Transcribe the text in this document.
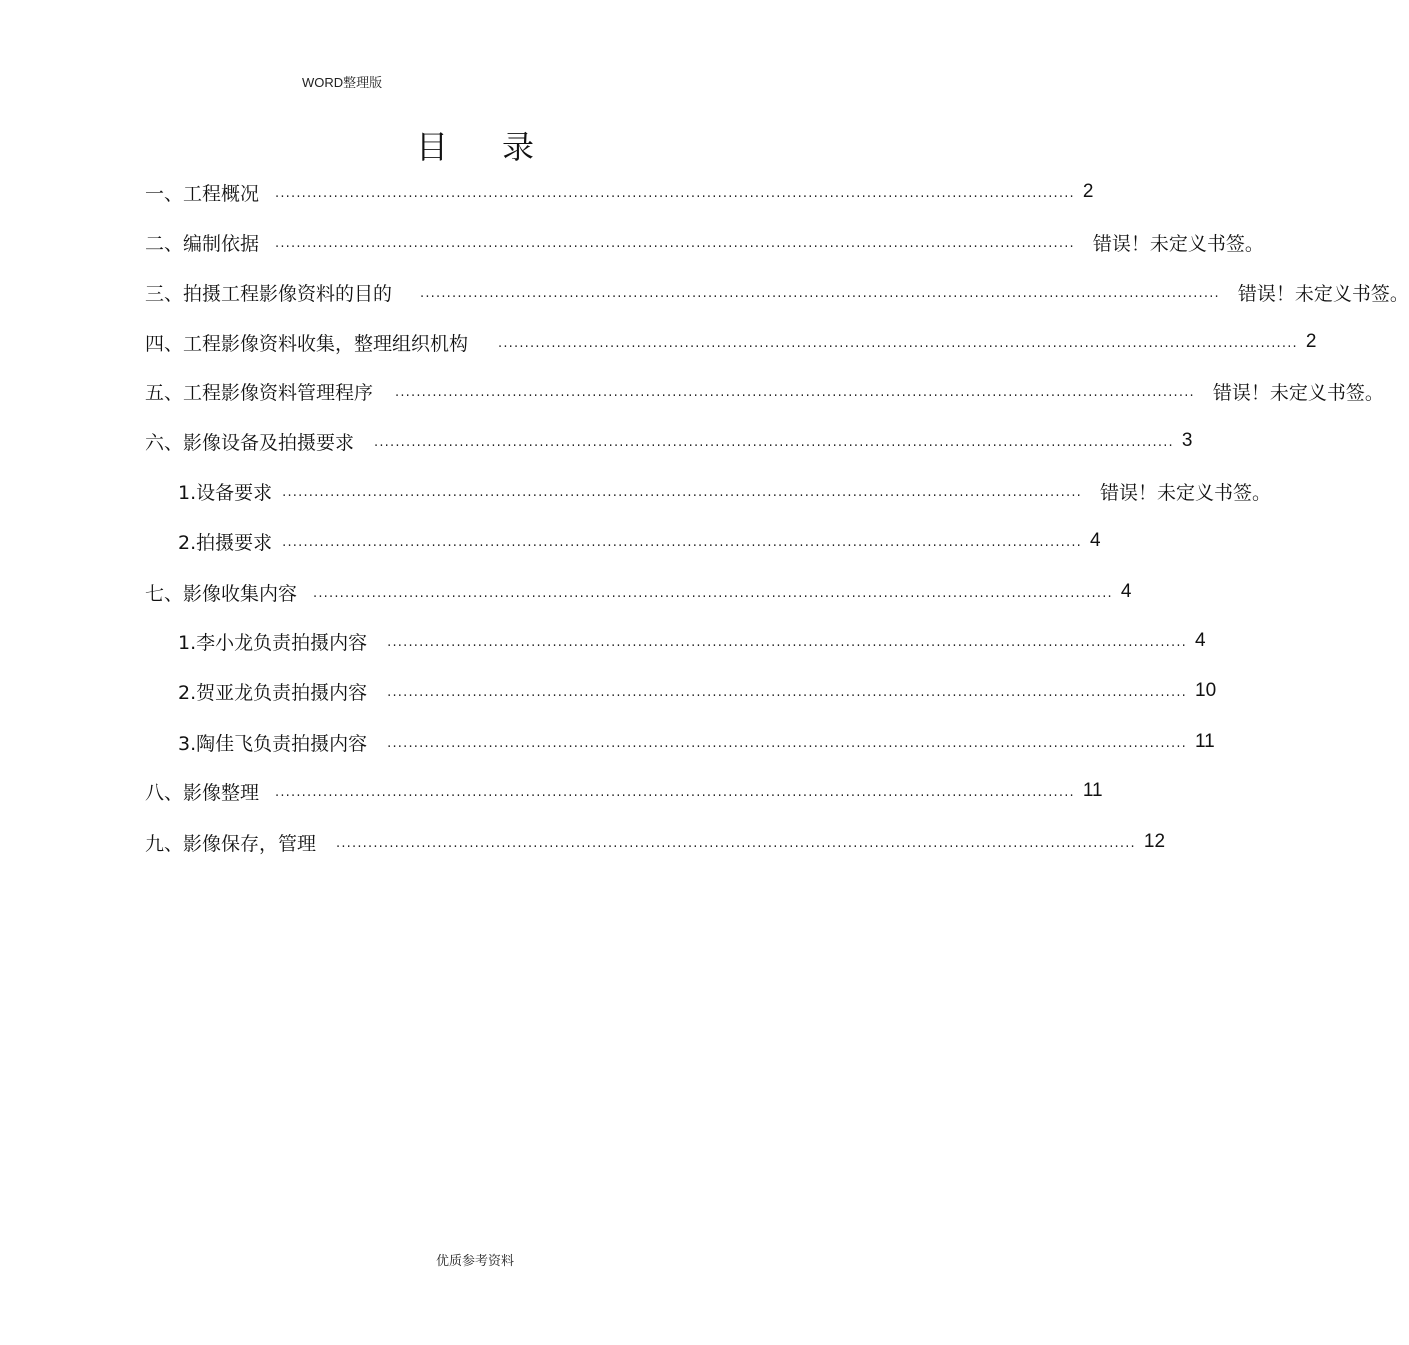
WORD整理版
目录
一、工程概况 ...................................................................................................................................................... 2
二、编制依据 ...................................................................................................................................................... 错误！未定义书签。
三、拍摄工程影像资料的目的 ...................................................................................................................................................... 错误！未定义书签。
四、工程影像资料收集，整理组织机构 ...................................................................................................................................................... 2
五、工程影像资料管理程序 ...................................................................................................................................................... 错误！未定义书签。
六、影像设备及拍摄要求 ...................................................................................................................................................... 3
1.设备要求 ...................................................................................................................................................... 错误！未定义书签。
2.拍摄要求 ...................................................................................................................................................... 4
七、影像收集内容 ...................................................................................................................................................... 4
1.李小龙负责拍摄内容 ...................................................................................................................................................... 4
2.贺亚龙负责拍摄内容 ...................................................................................................................................................... 10
3.陶佳飞负责拍摄内容 ...................................................................................................................................................... 11
八、影像整理 ...................................................................................................................................................... 11
九、影像保存，管理 ...................................................................................................................................................... 12
优质参考资料
